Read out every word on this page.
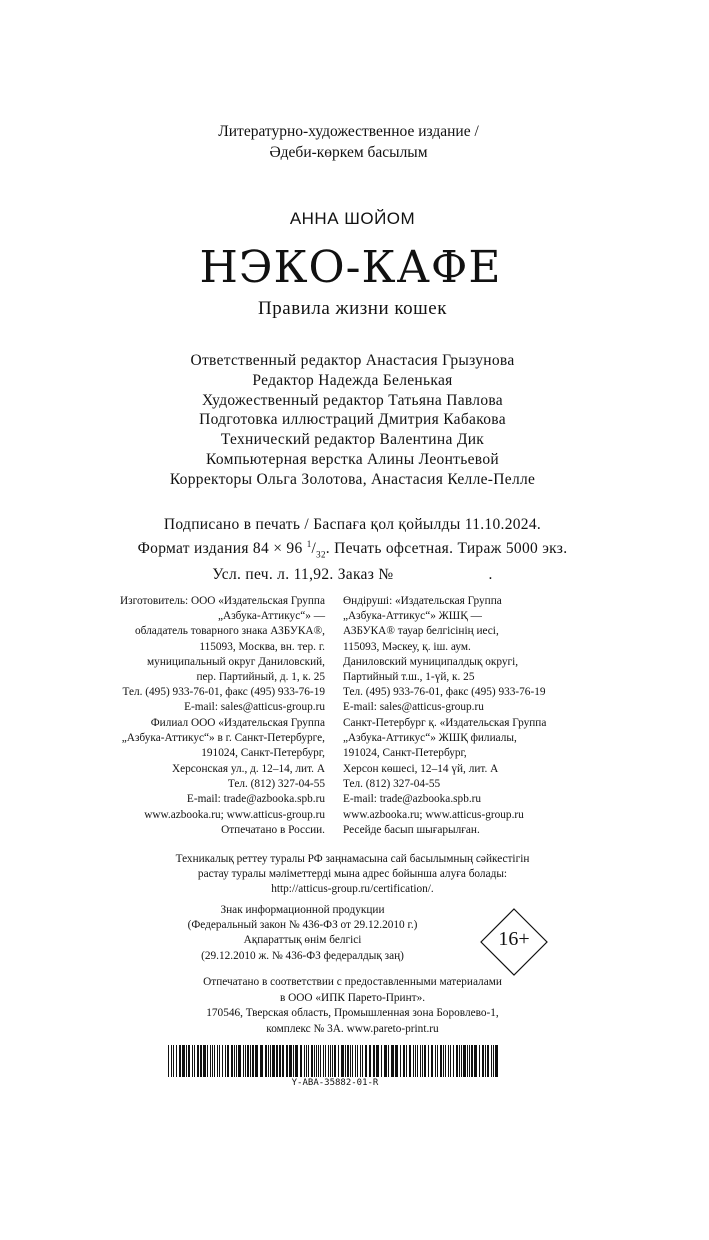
Литературно-художественное издание /
Әдеби-көркем басылым
АННА ШОЙОМ
НЭКО-КАФЕ
Правила жизни кошек
Ответственный редактор Анастасия Грызунова
Редактор Надежда Беленькая
Художественный редактор Татьяна Павлова
Подготовка иллюстраций Дмитрия Кабакова
Технический редактор Валентина Дик
Компьютерная верстка Алины Леонтьевой
Корректоры Ольга Золотова, Анастасия Келле-Пелле
Подписано в печать / Баспаға қол қойылды 11.10.2024.
Формат издания 84 × 96 $^1/_{32}$. Печать офсетная. Тираж 5000 экз.
Усл. печ. л. 11,92. Заказ №	.
Изготовитель: ООО «Издательская Группа
„Азбука-Аттикус“» —
обладатель товарного знака АЗБУКА®,
115093, Москва, вн. тер. г.
муниципальный округ Даниловский,
пер. Партийный, д. 1, к. 25
Тел. (495) 933-76-01, факс (495) 933-76-19
E-mail: sales@atticus-group.ru
Өндіруші: «Издательская Группа
„Азбука-Аттикус“» ЖШҚ —
АЗБУКА® тауар белгісінің иесі,
115093, Мәскеу, қ. іш. аум.
Даниловский муниципалдық округі,
Партийный т.ш., 1-үй, к. 25
Тел. (495) 933-76-01, факс (495) 933-76-19
E-mail: sales@atticus-group.ru
Филиал ООО «Издательская Группа
„Азбука-Аттикус“» в г. Санкт-Петербурге,
191024, Санкт-Петербург,
Херсонская ул., д. 12–14, лит. А
Тел. (812) 327-04-55
E-mail: trade@azbooka.spb.ru
Санкт-Петербург қ. «Издательская Группа
„Азбука-Аттикус“» ЖШҚ филиалы,
191024, Санкт-Петербург,
Херсон көшесі, 12–14 үй, лит. А
Тел. (812) 327-04-55
E-mail: trade@azbooka.spb.ru
www.azbooka.ru; www.atticus-group.ru
Отпечатано в России.
www.azbooka.ru; www.atticus-group.ru
Ресейде басып шығарылған.
Техникалық реттеу туралы РФ заңнамасына сай басылымның сәйкестігін
растау туралы мәліметтерді мына адрес бойынша алуға болады:
http://atticus-group.ru/certification/.
Знак информационной продукции
(Федеральный закон № 436-ФЗ от 29.12.2010 г.)
Ақпараттық өнім белгісі
(29.12.2010 ж. № 436-ФЗ федералдық заң)
16+
Отпечатано в соответствии с предоставленными материалами
в ООО «ИПК Парето-Принт».
170546, Тверская область, Промышленная зона Боровлево-1,
комплекс № 3А. www.pareto-print.ru
Y-ABA-35882-01-R
